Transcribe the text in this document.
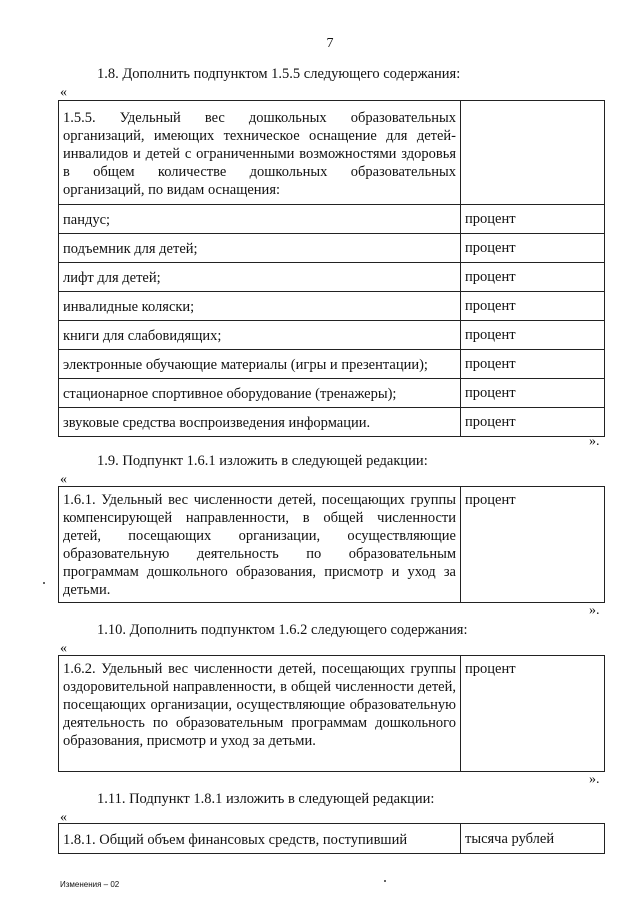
7
1.8. Дополнить подпунктом 1.5.5 следующего содержания:
«
1.5.5. Удельный вес дошкольных образовательных организаций, имеющих техническое оснащение для детей-инвалидов и детей с ограниченными возможностями здоровья в общем количестве дошкольных образовательных организаций, по видам оснащения:	
пандус;	процент
подъемник для детей;	процент
лифт для детей;	процент
инвалидные коляски;	процент
книги для слабовидящих;	процент
электронные обучающие материалы (игры и презентации);	процент
стационарное спортивное оборудование (тренажеры);	процент
звуковые средства воспроизведения информации.	процент
».
1.9. Подпункт 1.6.1 изложить в следующей редакции:
«
1.6.1. Удельный вес численности детей, посещающих группы компенсирующей направленности, в общей численности детей, посещающих организации, осуществляющие образовательную деятельность по образовательным программам дошкольного образования, присмотр и уход за детьми.	процент
».
1.10. Дополнить подпунктом 1.6.2 следующего содержания:
«
1.6.2. Удельный вес численности детей, посещающих группы оздоровительной направленности, в общей численности детей, посещающих организации, осуществляющие образовательную деятельность по образовательным программам дошкольного образования, присмотр и уход за детьми.	процент
».
1.11. Подпункт 1.8.1 изложить в следующей редакции:
«
1.8.1. Общий объем финансовых средств, поступивший	тысяча рублей
Изменения – 02
